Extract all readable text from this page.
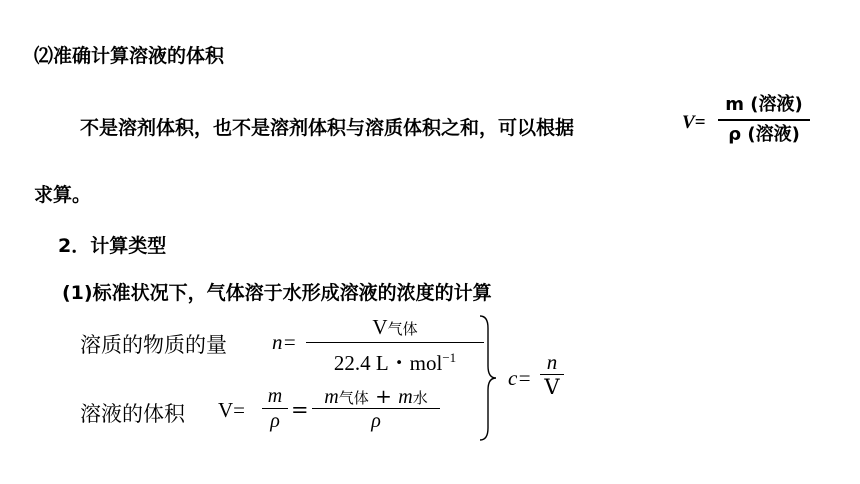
⑵准确计算溶液的体积
不是溶剂体积，也不是溶剂体积与溶质体积之和，可以根据	V=
m (溶液)
ρ (溶液)
求算。
2．计算类型
(1)标准状况下，气体溶于水形成溶液的浓度的计算
溶质的物质的量 n=
V气体
22.4 L・mol$^{-1}$
溶液的体积 V=
m
ρ =
m气体 + m水
ρ
c=
n
V
